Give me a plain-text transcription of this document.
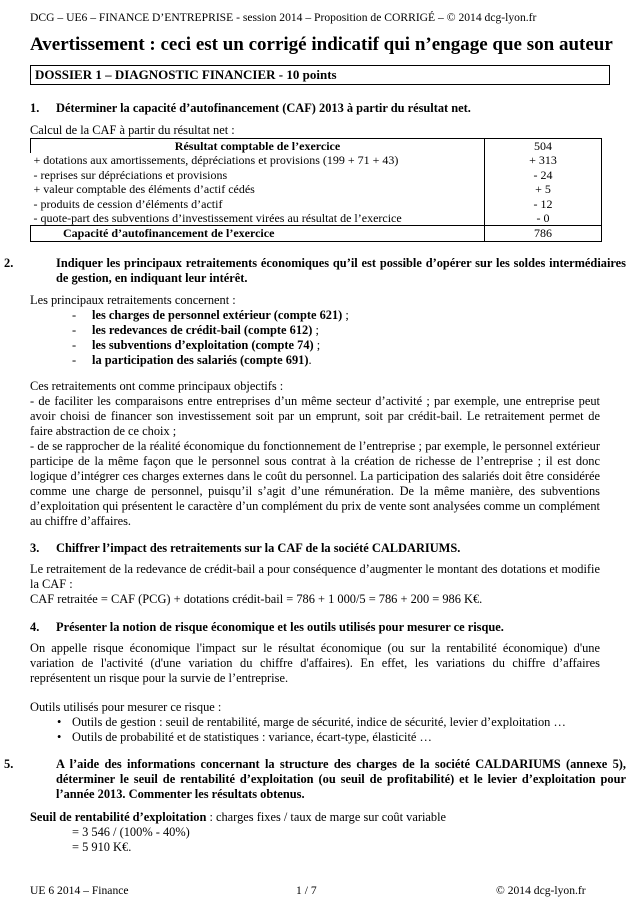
DCG – UE6 – FINANCE D’ENTREPRISE - session 2014 – Proposition de CORRIGÉ – © 2014 dcg-lyon.fr
Avertissement : ceci est un corrigé indicatif qui n’engage que son auteur
DOSSIER 1 – DIAGNOSTIC FINANCIER - 10 points
1. Déterminer la capacité d’autofinancement (CAF) 2013 à partir du résultat net.
Calcul de la CAF à partir du résultat net :
Résultat comptable de l’exercice	504
+ dotations aux amortissements, dépréciations et provisions (199 + 71 + 43)	+ 313
- reprises sur dépréciations et provisions	- 24
+ valeur comptable des éléments d’actif cédés	+ 5
- produits de cession d’éléments d’actif	- 12
- quote-part des subventions d’investissement virées au résultat de l’exercice	- 0
Capacité d’autofinancement de l’exercice	786
2.	Indiquer les principaux retraitements économiques qu’il est possible d’opérer sur les soldes intermédiaires de gestion, en indiquant leur intérêt.
Les principaux retraitements concernent :
- les charges de personnel extérieur (compte 621) ;
- les redevances de crédit-bail (compte 612) ;
- les subventions d’exploitation (compte 74) ;
- la participation des salariés (compte 691).
Ces retraitements ont comme principaux objectifs :
- de faciliter les comparaisons entre entreprises d’un même secteur d’activité ; par exemple, une entreprise peut avoir choisi de financer son investissement soit par un emprunt, soit par crédit-bail. Le retraitement permet de faire abstraction de ce choix ;
- de se rapprocher de la réalité économique du fonctionnement de l’entreprise ; par exemple, le personnel extérieur participe de la même façon que le personnel sous contrat à la création de richesse de l’entreprise ; il est donc logique d’intégrer ces charges externes dans le coût du personnel. La participation des salariés doit être considérée comme une charge de personnel, puisqu’il s’agit d’une rémunération. De la même manière, des subventions d’exploitation qui présentent le caractère d’un complément du prix de vente sont analysées comme un complément au chiffre d’affaires.
3. Chiffrer l’impact des retraitements sur la CAF de la société CALDARIUMS.
Le retraitement de la redevance de crédit-bail a pour conséquence d’augmenter le montant des dotations et modifie la CAF :
CAF retraitée = CAF (PCG) + dotations crédit-bail = 786 + 1 000/5 = 786 + 200 = 986 K€.
4. Présenter la notion de risque économique et les outils utilisés pour mesurer ce risque.
On appelle risque économique l'impact sur le résultat économique (ou sur la rentabilité économique) d'une variation de l'activité (d'une variation du chiffre d'affaires). En effet, les variations du chiffre d’affaires représentent un risque pour la survie de l’entreprise.
Outils utilisés pour mesurer ce risque :
• Outils de gestion : seuil de rentabilité, marge de sécurité, indice de sécurité, levier d’exploitation …
• Outils de probabilité et de statistiques : variance, écart-type, élasticité …
5.	A l’aide des informations concernant la structure des charges de la société CALDARIUMS (annexe 5), déterminer le seuil de rentabilité d’exploitation (ou seuil de profitabilité) et le levier d’exploitation pour l’année 2013. Commenter les résultats obtenus.
Seuil de rentabilité d’exploitation : charges fixes / taux de marge sur coût variable
= 3 546 / (100% - 40%)
= 5 910 K€.
UE 6 2014 – Finance	1 / 7	© 2014 dcg-lyon.fr
